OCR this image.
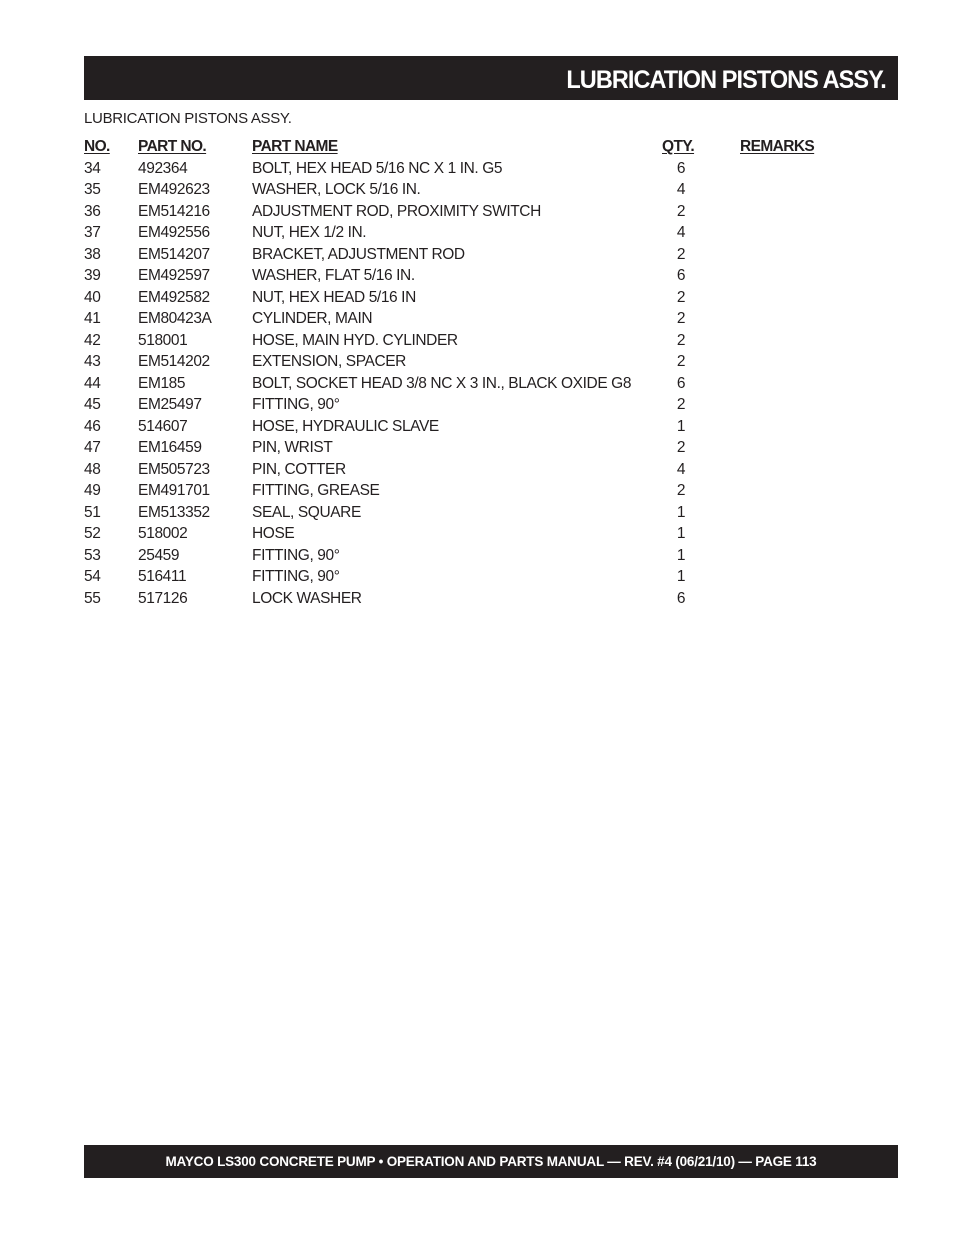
LUBRICATION PISTONS ASSY.
LUBRICATION PISTONS ASSY.
NO. PART NO.	PART NAME	QTY.	REMARKS
34 492364	BOLT, HEX HEAD 5/16 NC X 1 IN. G5	6
35 EM492623	WASHER, LOCK 5/16 IN.	4
36 EM514216	ADJUSTMENT ROD, PROXIMITY SWITCH	2
37 EM492556	NUT, HEX 1/2 IN.	4
38 EM514207	BRACKET, ADJUSTMENT ROD	2
39 EM492597	WASHER, FLAT 5/16 IN.	6
40 EM492582	NUT, HEX HEAD 5/16 IN	2
41 EM80423A	CYLINDER, MAIN	2
42 518001	HOSE, MAIN HYD. CYLINDER	2
43 EM514202	EXTENSION, SPACER	2
44 EM185	BOLT, SOCKET HEAD 3/8 NC X 3 IN., BLACK OXIDE G8	6
45 EM25497	FITTING, 90°	2
46 514607	HOSE, HYDRAULIC SLAVE	1
47 EM16459	PIN, WRIST	2
48 EM505723	PIN, COTTER	4
49 EM491701	FITTING, GREASE	2
51 EM513352	SEAL, SQUARE	1
52 518002	HOSE	1
53 25459	FITTING, 90°	1
54 516411	FITTING, 90°	1
55 517126	LOCK WASHER	6
MAYCO LS300 CONCRETE PUMP • OPERATION AND PARTS MANUAL — REV. #4 (06/21/10) — PAGE 113
